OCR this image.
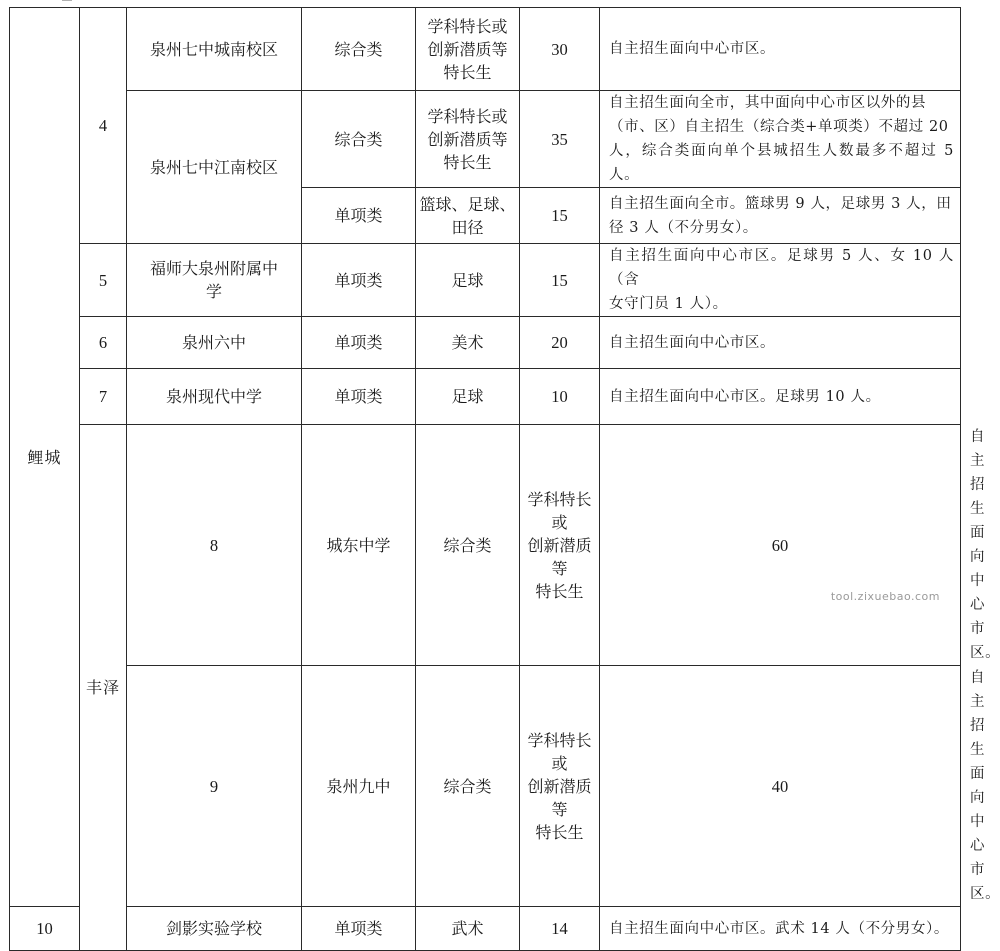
鲤城	4	泉州七中城南校区	综合类	学科特长或
创新潜质等
特长生	30	自主招生面向中心市区。	
		泉州七中江南校区	综合类	学科特长或
创新潜质等
特长生	35	自主招生面向全市，其中面向中心市区以外的县
（市、区）自主招生（综合类+单项类）不超过 20
人，综合类面向单个县城招生人数最多不超过 5 人。	

			单项类	篮球、足球、
田径	15	自主招生面向全市。篮球男 9 人，足球男 3 人，田
径 3 人（不分男女）。	

	5	福师大泉州附属中
学	单项类	足球	15	自主招生面向中心市区。足球男 5 人、女 10 人（含
女守门员 1 人）。	

	6	泉州六中	单项类	美术	20	自主招生面向中心市区。	
	7	泉州现代中学	单项类	足球	10	自主招生面向中心市区。足球男 10 人。	
	丰泽	8	城东中学	综合类	学科特长或
创新潜质等
特长生	60	自主招生面向中心市区。
		9	泉州九中	综合类	学科特长或
创新潜质等
特长生	40	自主招生面向中心市区。
10		剑影实验学校	单项类	武术	14	自主招生面向中心市区。武术 14 人（不分男女）。	
tool.zixuebao.com
